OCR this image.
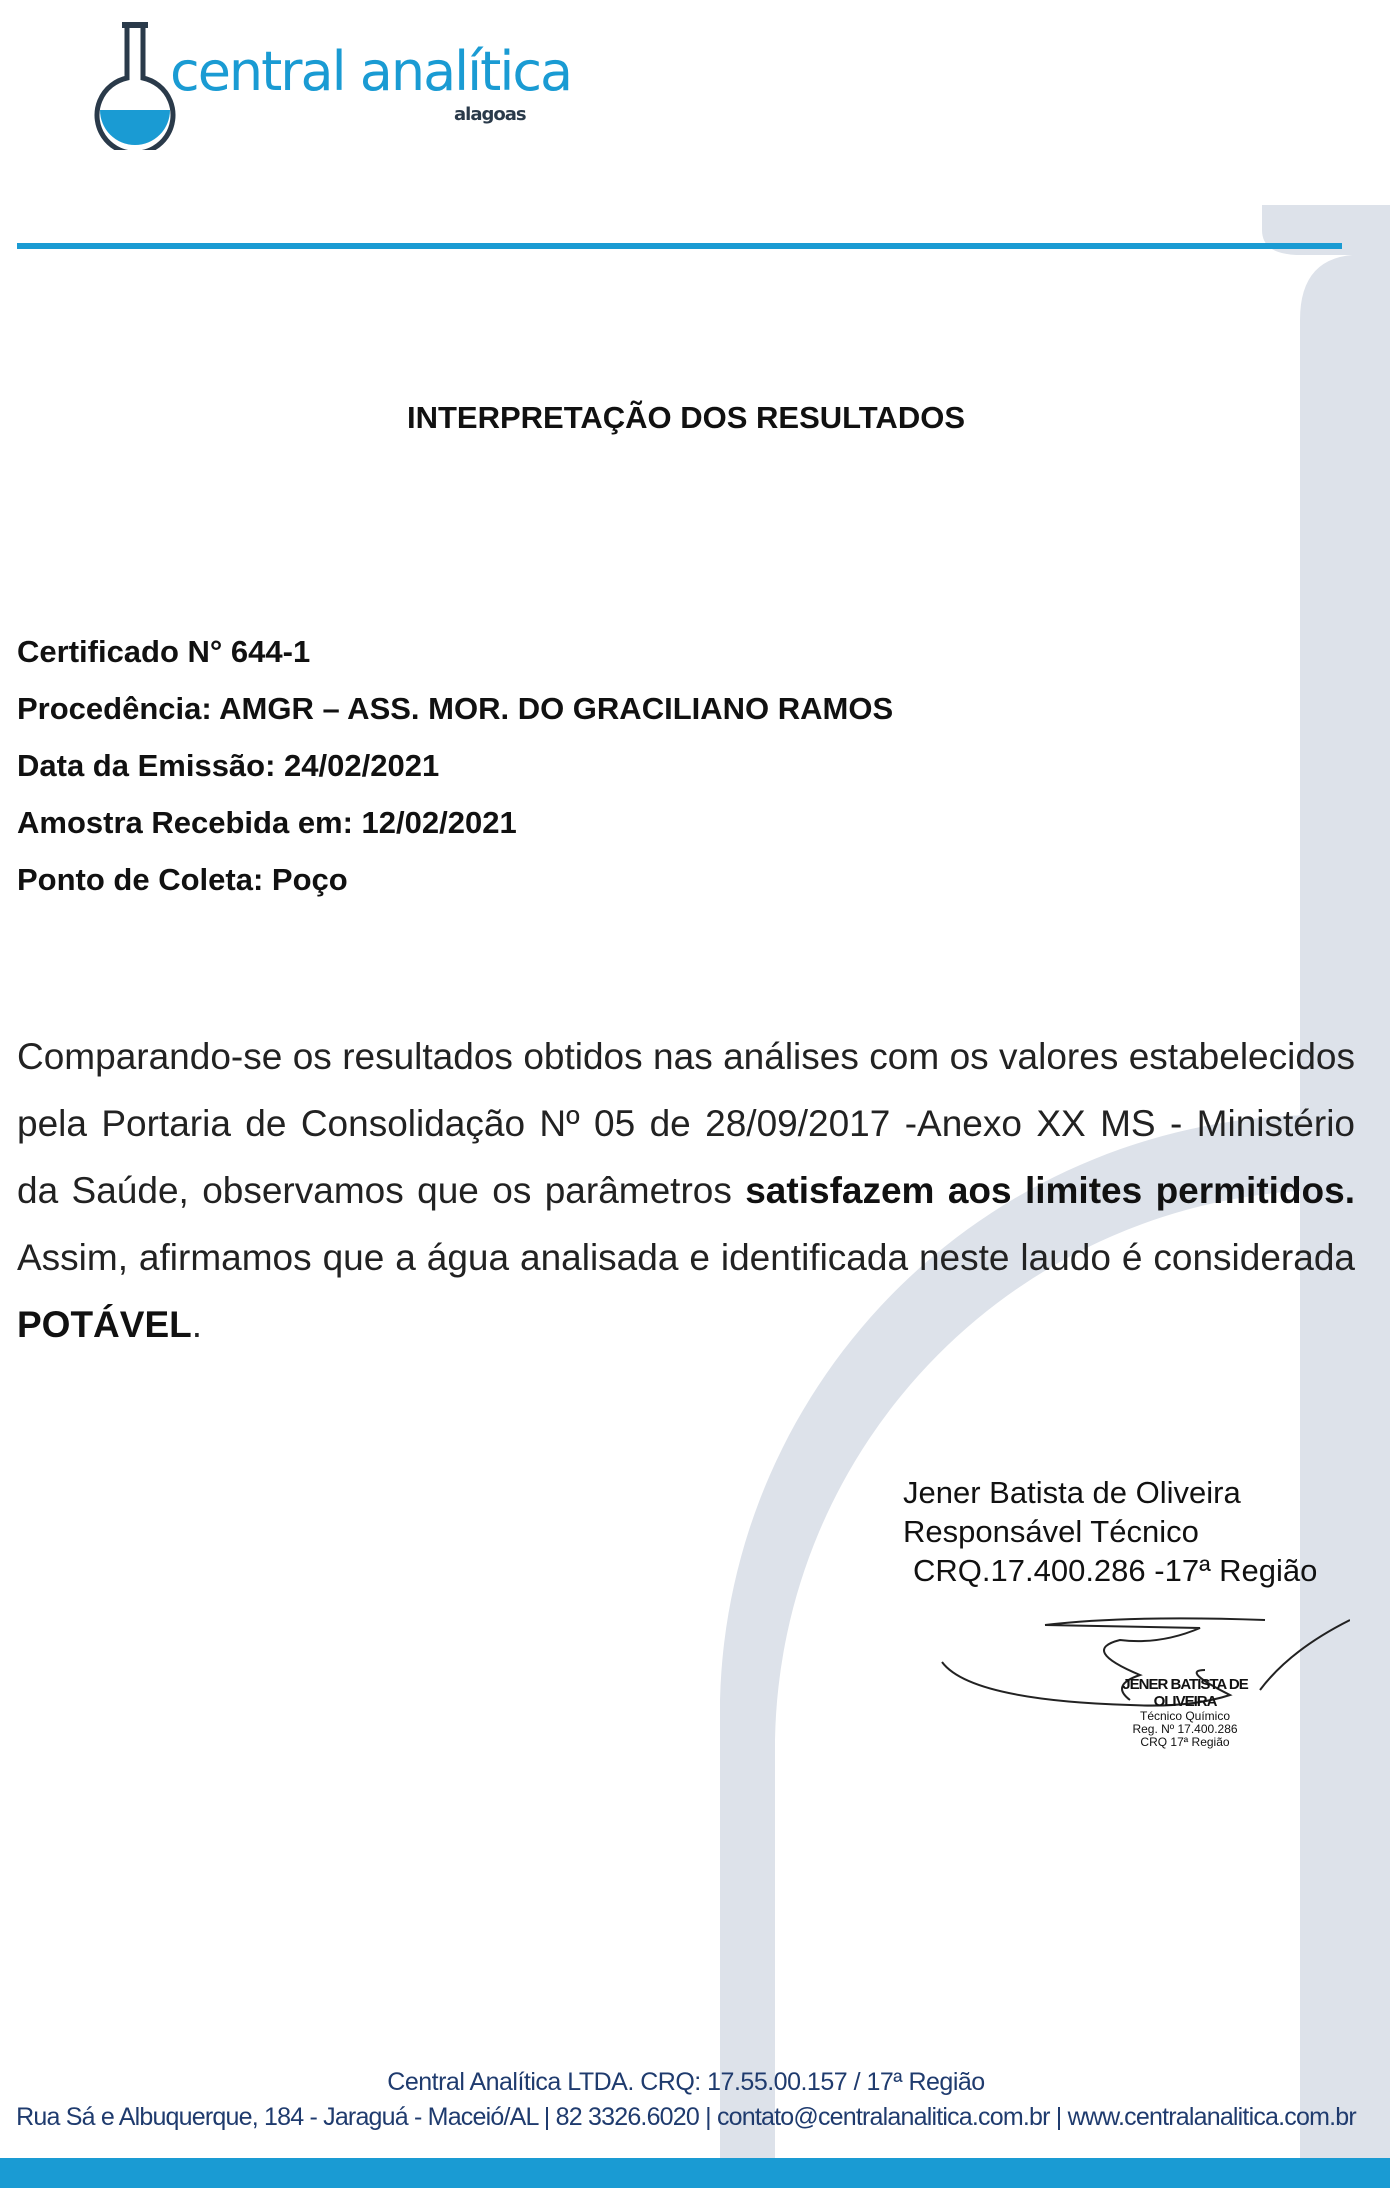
central analítica
alagoas
INTERPRETAÇÃO DOS RESULTADOS
Certificado N° 644-1
Procedência: AMGR – ASS. MOR. DO GRACILIANO RAMOS
Data da Emissão: 24/02/2021
Amostra Recebida em: 12/02/2021
Ponto de Coleta: Poço

Comparando-se os resultados obtidos nas análises com os valores estabelecidos pela Portaria de Consolidação Nº 05 de 28/09/2017 -Anexo XX MS - Ministério da Saúde, observamos que os parâmetros satisfazem aos limites permitidos. Assim, afirmamos que a água analisada e identificada neste laudo é considerada POTÁVEL.

Jener Batista de Oliveira
Responsável Técnico
CRQ.17.400.286 -17ª Região
JENER BATISTA DE OLIVEIRA
Técnico Químico
Reg. Nº 17.400.286
CRQ 17ª Região
Central Analítica LTDA. CRQ: 17.55.00.157 / 17ª Região
Rua Sá e Albuquerque, 184 - Jaraguá - Maceió/AL | 82 3326.6020 | contato@centralanalitica.com.br | www.centralanalitica.com.br
